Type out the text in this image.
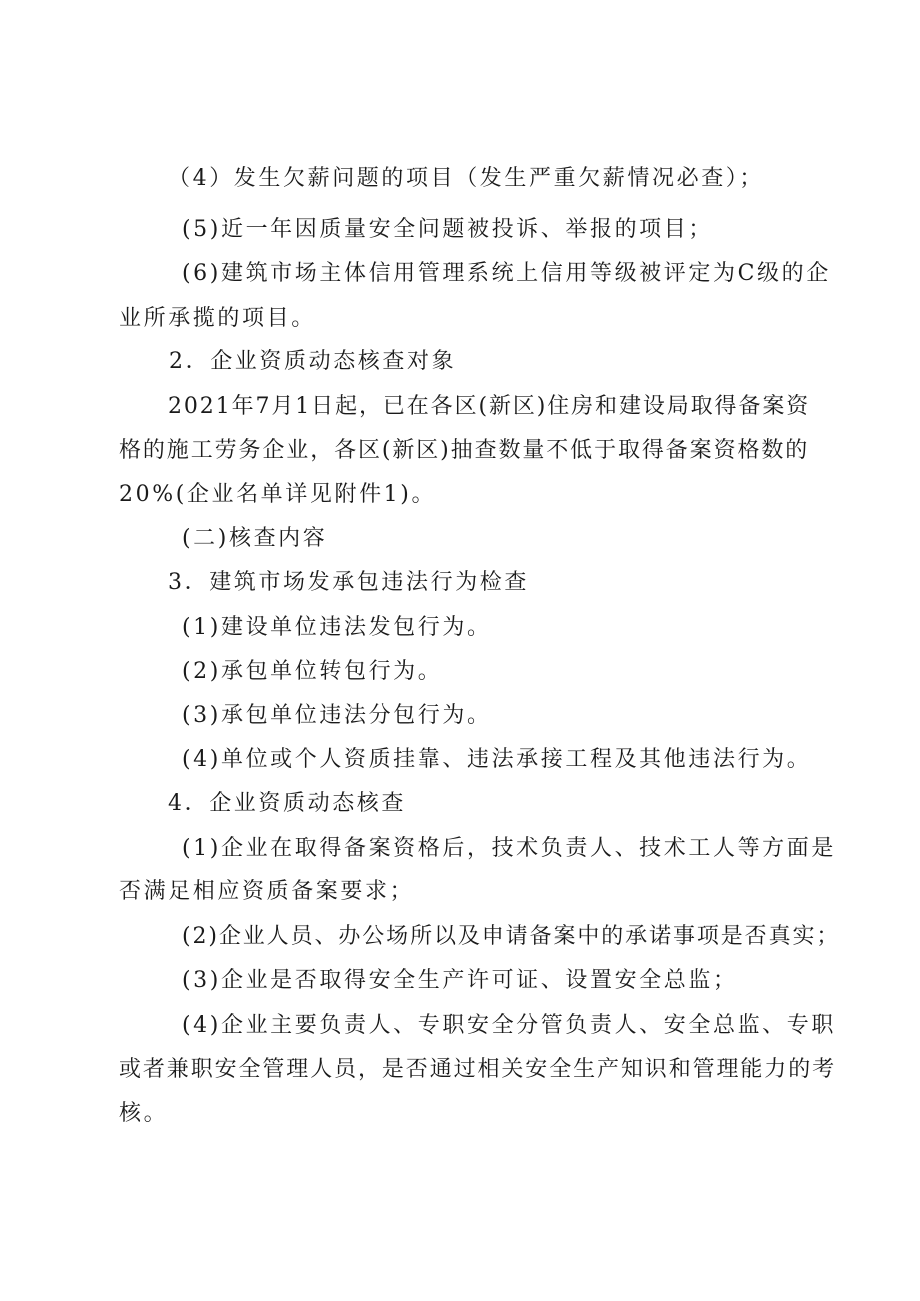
（4）发生欠薪问题的项目（发生严重欠薪情况必查）；
(5)近一年因质量安全问题被投诉、举报的项目；
(6)建筑市场主体信用管理系统上信用等级被评定为C级的企
业所承揽的项目。
2．企业资质动态核查对象
2021年7月1日起，已在各区(新区)住房和建设局取得备案资
格的施工劳务企业，各区(新区)抽查数量不低于取得备案资格数的
20%(企业名单详见附件1)。
(二)核查内容
3．建筑市场发承包违法行为检查
(1)建设单位违法发包行为。
(2)承包单位转包行为。
(3)承包单位违法分包行为。
(4)单位或个人资质挂靠、违法承接工程及其他违法行为。
4．企业资质动态核查
(1)企业在取得备案资格后，技术负责人、技术工人等方面是
否满足相应资质备案要求；
(2)企业人员、办公场所以及申请备案中的承诺事项是否真实；
(3)企业是否取得安全生产许可证、设置安全总监；
(4)企业主要负责人、专职安全分管负责人、安全总监、专职
或者兼职安全管理人员，是否通过相关安全生产知识和管理能力的考
核。
